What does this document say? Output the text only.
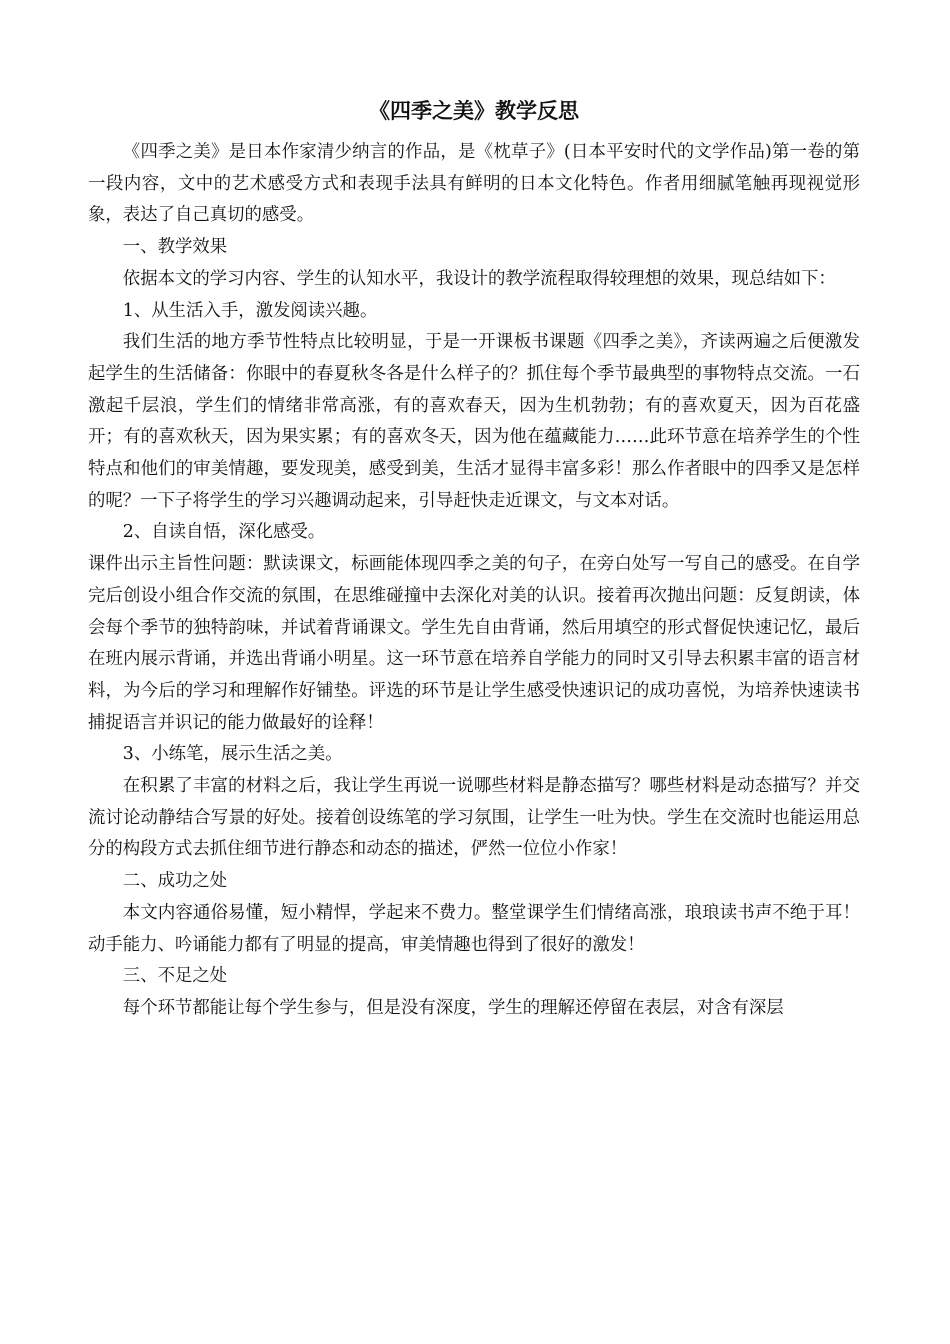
《四季之美》教学反思

《四季之美》是日本作家清少纳言的作品，是《枕草子》(日本平安时代的文学作品)第一卷的第一段内容，文中的艺术感受方式和表现手法具有鲜明的日本文化特色。作者用细腻笔触再现视觉形象，表达了自己真切的感受。

一、教学效果

依据本文的学习内容、学生的认知水平，我设计的教学流程取得较理想的效果，现总结如下：

1、从生活入手，激发阅读兴趣。

我们生活的地方季节性特点比较明显，于是一开课板书课题《四季之美》，齐读两遍之后便激发起学生的生活储备：你眼中的春夏秋冬各是什么样子的？抓住每个季节最典型的事物特点交流。一石激起千层浪，学生们的情绪非常高涨，有的喜欢春天，因为生机勃勃；有的喜欢夏天，因为百花盛开；有的喜欢秋天，因为果实累；有的喜欢冬天，因为他在蕴藏能力……此环节意在培养学生的个性特点和他们的审美情趣，要发现美，感受到美，生活才显得丰富多彩！那么作者眼中的四季又是怎样的呢？一下子将学生的学习兴趣调动起来，引导赶快走近课文，与文本对话。

2、自读自悟，深化感受。

课件出示主旨性问题：默读课文，标画能体现四季之美的句子，在旁白处写一写自己的感受。在自学完后创设小组合作交流的氛围，在思维碰撞中去深化对美的认识。接着再次抛出问题：反复朗读，体会每个季节的独特韵味，并试着背诵课文。学生先自由背诵，然后用填空的形式督促快速记忆，最后在班内展示背诵，并选出背诵小明星。这一环节意在培养自学能力的同时又引导去积累丰富的语言材料，为今后的学习和理解作好铺垫。评选的环节是让学生感受快速识记的成功喜悦，为培养快速读书捕捉语言并识记的能力做最好的诠释！

3、小练笔，展示生活之美。

在积累了丰富的材料之后，我让学生再说一说哪些材料是静态描写？哪些材料是动态描写？并交流讨论动静结合写景的好处。接着创设练笔的学习氛围，让学生一吐为快。学生在交流时也能运用总分的构段方式去抓住细节进行静态和动态的描述，俨然一位位小作家！

二、成功之处

本文内容通俗易懂，短小精悍，学起来不费力。整堂课学生们情绪高涨，琅琅读书声不绝于耳！动手能力、吟诵能力都有了明显的提高，审美情趣也得到了很好的激发！

三、不足之处

每个环节都能让每个学生参与，但是没有深度，学生的理解还停留在表层，对含有深层
